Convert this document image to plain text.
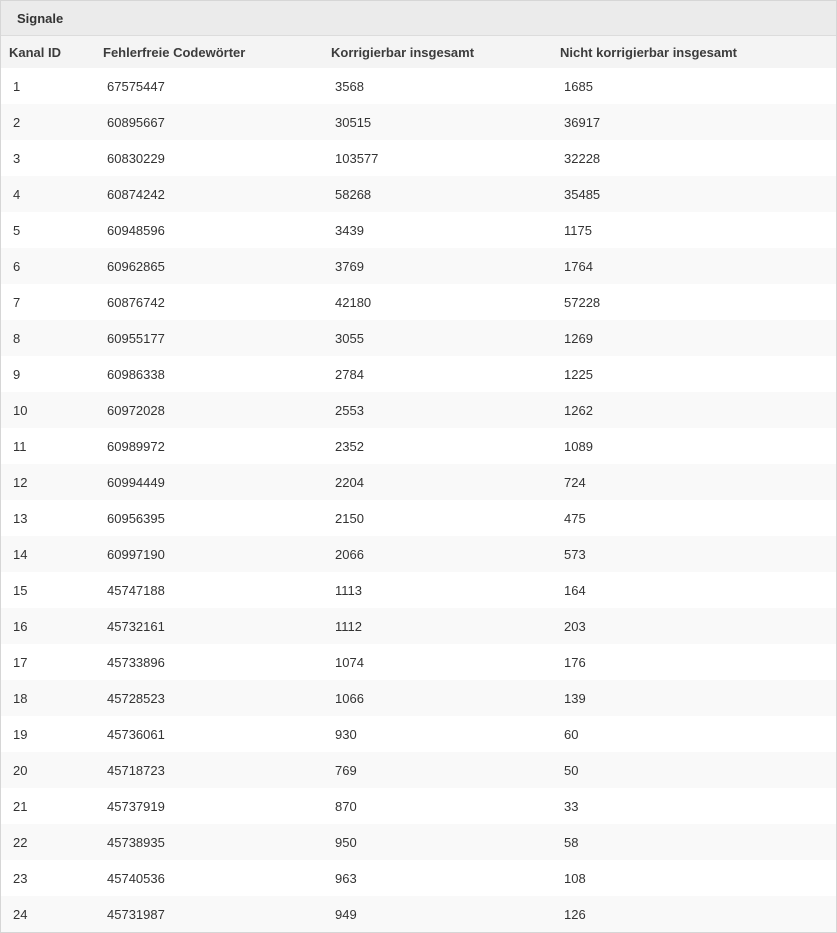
Signale
Kanal ID	Fehlerfreie Codewörter	Korrigierbar insgesamt	Nicht korrigierbar insgesamt
1	67575447	3568	1685
2	60895667	30515	36917
3	60830229	103577	32228
4	60874242	58268	35485
5	60948596	3439	1175
6	60962865	3769	1764
7	60876742	42180	57228
8	60955177	3055	1269
9	60986338	2784	1225
10	60972028	2553	1262
11	60989972	2352	1089
12	60994449	2204	724
13	60956395	2150	475
14	60997190	2066	573
15	45747188	1113	164
16	45732161	1112	203
17	45733896	1074	176
18	45728523	1066	139
19	45736061	930	60
20	45718723	769	50
21	45737919	870	33
22	45738935	950	58
23	45740536	963	108
24	45731987	949	126
